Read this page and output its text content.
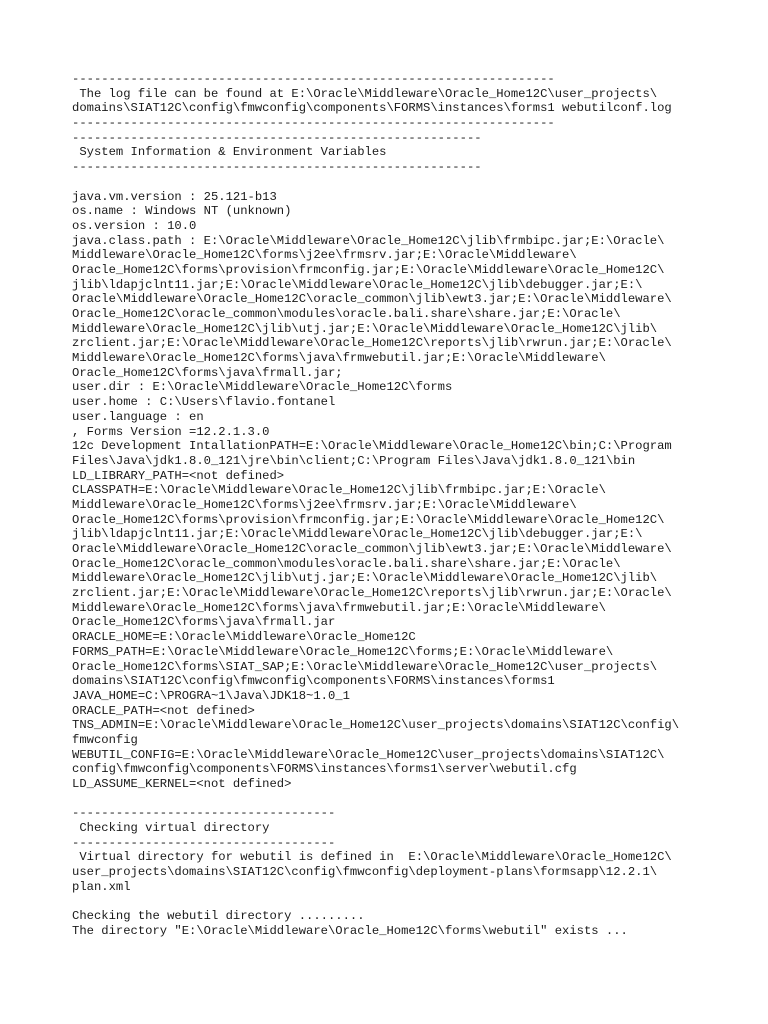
------------------------------------------------------------------
The log file can be found at E:\Oracle\Middleware\Oracle_Home12C\user_projects\
domains\SIAT12C\config\fmwconfig\components\FORMS\instances\forms1 webutilconf.log
------------------------------------------------------------------
--------------------------------------------------------
System Information & Environment Variables
--------------------------------------------------------

java.vm.version : 25.121-b13
os.name : Windows NT (unknown)
os.version : 10.0
java.class.path : E:\Oracle\Middleware\Oracle_Home12C\jlib\frmbipc.jar;E:\Oracle\
Middleware\Oracle_Home12C\forms\j2ee\frmsrv.jar;E:\Oracle\Middleware\
Oracle_Home12C\forms\provision\frmconfig.jar;E:\Oracle\Middleware\Oracle_Home12C\
jlib\ldapjclnt11.jar;E:\Oracle\Middleware\Oracle_Home12C\jlib\debugger.jar;E:\
Oracle\Middleware\Oracle_Home12C\oracle_common\jlib\ewt3.jar;E:\Oracle\Middleware\
Oracle_Home12C\oracle_common\modules\oracle.bali.share\share.jar;E:\Oracle\
Middleware\Oracle_Home12C\jlib\utj.jar;E:\Oracle\Middleware\Oracle_Home12C\jlib\
zrclient.jar;E:\Oracle\Middleware\Oracle_Home12C\reports\jlib\rwrun.jar;E:\Oracle\
Middleware\Oracle_Home12C\forms\java\frmwebutil.jar;E:\Oracle\Middleware\
Oracle_Home12C\forms\java\frmall.jar;
user.dir : E:\Oracle\Middleware\Oracle_Home12C\forms
user.home : C:\Users\flavio.fontanel
user.language : en
, Forms Version =12.2.1.3.0
12c Development IntallationPATH=E:\Oracle\Middleware\Oracle_Home12C\bin;C:\Program
Files\Java\jdk1.8.0_121\jre\bin\client;C:\Program Files\Java\jdk1.8.0_121\bin
LD_LIBRARY_PATH=<not defined>
CLASSPATH=E:\Oracle\Middleware\Oracle_Home12C\jlib\frmbipc.jar;E:\Oracle\
Middleware\Oracle_Home12C\forms\j2ee\frmsrv.jar;E:\Oracle\Middleware\
Oracle_Home12C\forms\provision\frmconfig.jar;E:\Oracle\Middleware\Oracle_Home12C\
jlib\ldapjclnt11.jar;E:\Oracle\Middleware\Oracle_Home12C\jlib\debugger.jar;E:\
Oracle\Middleware\Oracle_Home12C\oracle_common\jlib\ewt3.jar;E:\Oracle\Middleware\
Oracle_Home12C\oracle_common\modules\oracle.bali.share\share.jar;E:\Oracle\
Middleware\Oracle_Home12C\jlib\utj.jar;E:\Oracle\Middleware\Oracle_Home12C\jlib\
zrclient.jar;E:\Oracle\Middleware\Oracle_Home12C\reports\jlib\rwrun.jar;E:\Oracle\
Middleware\Oracle_Home12C\forms\java\frmwebutil.jar;E:\Oracle\Middleware\
Oracle_Home12C\forms\java\frmall.jar
ORACLE_HOME=E:\Oracle\Middleware\Oracle_Home12C
FORMS_PATH=E:\Oracle\Middleware\Oracle_Home12C\forms;E:\Oracle\Middleware\
Oracle_Home12C\forms\SIAT_SAP;E:\Oracle\Middleware\Oracle_Home12C\user_projects\
domains\SIAT12C\config\fmwconfig\components\FORMS\instances\forms1
JAVA_HOME=C:\PROGRA~1\Java\JDK18~1.0_1
ORACLE_PATH=<not defined>
TNS_ADMIN=E:\Oracle\Middleware\Oracle_Home12C\user_projects\domains\SIAT12C\config\
fmwconfig
WEBUTIL_CONFIG=E:\Oracle\Middleware\Oracle_Home12C\user_projects\domains\SIAT12C\
config\fmwconfig\components\FORMS\instances\forms1\server\webutil.cfg
LD_ASSUME_KERNEL=<not defined>

------------------------------------
Checking virtual directory
------------------------------------
Virtual directory for webutil is defined in  E:\Oracle\Middleware\Oracle_Home12C\
user_projects\domains\SIAT12C\config\fmwconfig\deployment-plans\formsapp\12.2.1\
plan.xml

Checking the webutil directory .........
The directory "E:\Oracle\Middleware\Oracle_Home12C\forms\webutil" exists ...
